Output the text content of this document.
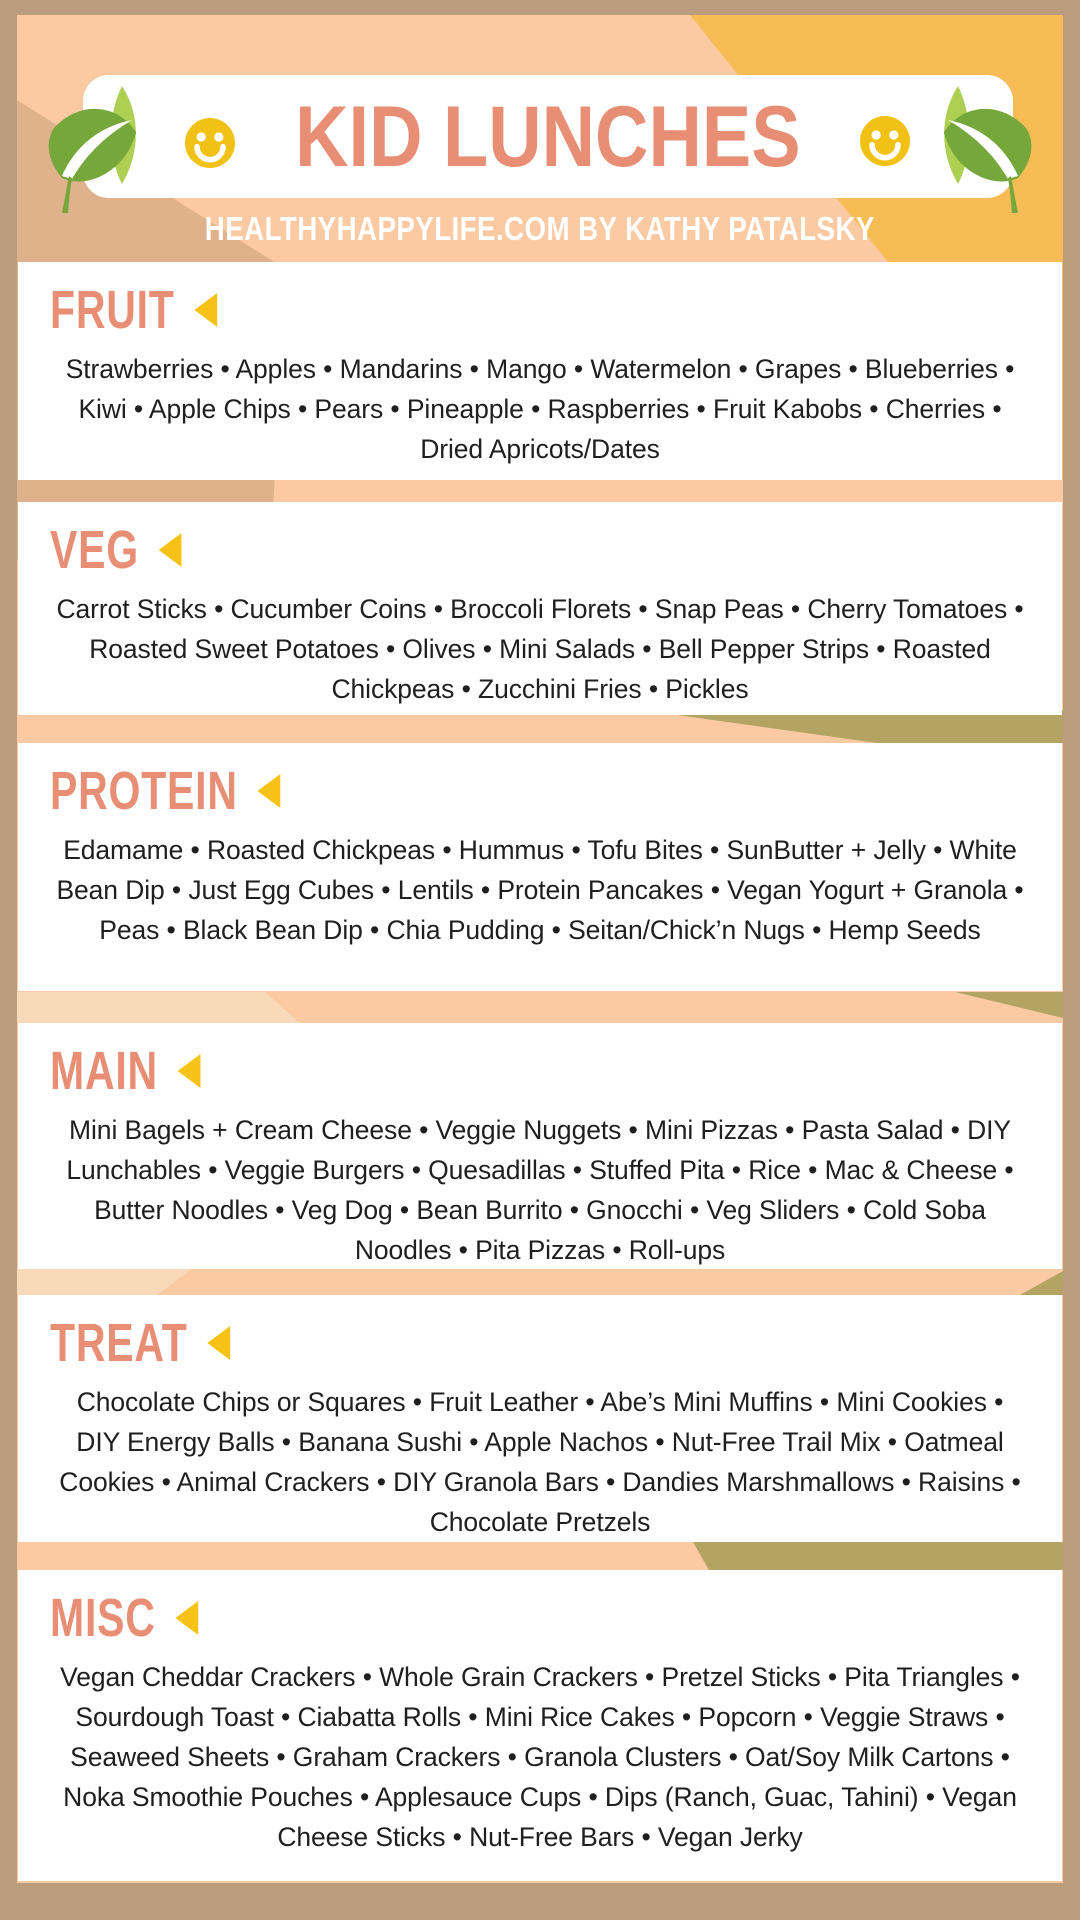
KID LUNCHES
HEALTHYHAPPYLIFE.COM BY KATHY PATALSKY
FRUIT

Strawberries • Apples • Mandarins • Mango • Watermelon • Grapes • Blueberries • Kiwi • Apple Chips • Pears • Pineapple • Raspberries • Fruit Kabobs • Cherries • Dried Apricots/Dates

VEG

Carrot Sticks • Cucumber Coins • Broccoli Florets • Snap Peas • Cherry Tomatoes • Roasted Sweet Potatoes • Olives • Mini Salads • Bell Pepper Strips • Roasted Chickpeas • Zucchini Fries • Pickles

PROTEIN

Edamame • Roasted Chickpeas • Hummus • Tofu Bites • SunButter + Jelly • White Bean Dip • Just Egg Cubes • Lentils • Protein Pancakes • Vegan Yogurt + Granola • Peas • Black Bean Dip • Chia Pudding • Seitan/Chick’n Nugs • Hemp Seeds

MAIN

Mini Bagels + Cream Cheese • Veggie Nuggets • Mini Pizzas • Pasta Salad • DIY Lunchables • Veggie Burgers • Quesadillas • Stuffed Pita • Rice • Mac & Cheese • Butter Noodles • Veg Dog • Bean Burrito • Gnocchi • Veg Sliders • Cold Soba Noodles • Pita Pizzas • Roll-ups

TREAT

Chocolate Chips or Squares • Fruit Leather • Abe’s Mini Muffins • Mini Cookies • DIY Energy Balls • Banana Sushi • Apple Nachos • Nut-Free Trail Mix • Oatmeal Cookies • Animal Crackers • DIY Granola Bars • Dandies Marshmallows • Raisins • Chocolate Pretzels

MISC

Vegan Cheddar Crackers • Whole Grain Crackers • Pretzel Sticks • Pita Triangles • Sourdough Toast • Ciabatta Rolls • Mini Rice Cakes • Popcorn • Veggie Straws • Seaweed Sheets • Graham Crackers • Granola Clusters • Oat/Soy Milk Cartons • Noka Smoothie Pouches • Applesauce Cups • Dips (Ranch, Guac, Tahini) • Vegan Cheese Sticks • Nut-Free Bars • Vegan Jerky
